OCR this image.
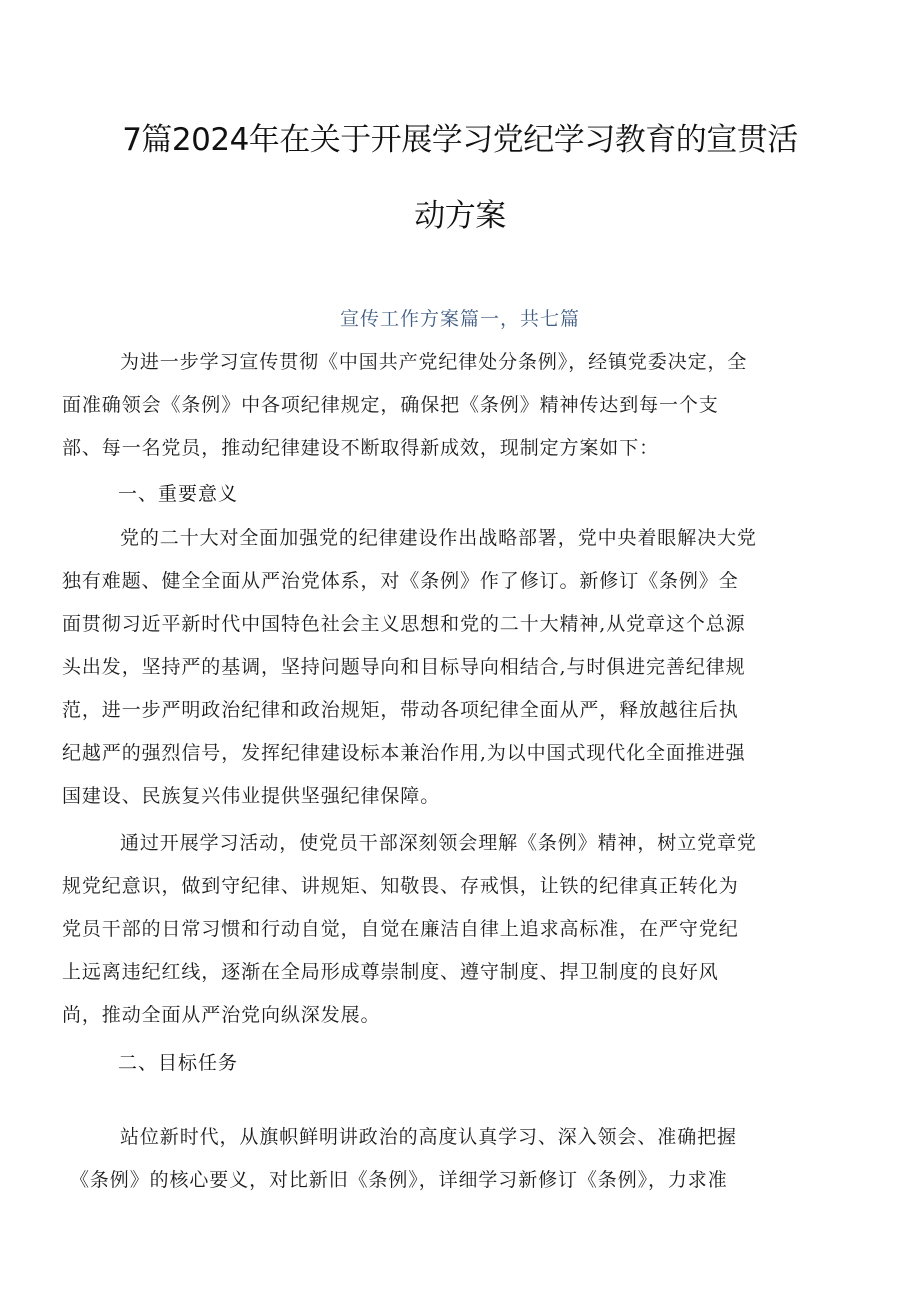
7篇2024年在关于开展学习党纪学习教育的宣贯活
动方案
宣传工作方案篇一，共七篇
为进一步学习宣传贯彻《中国共产党纪律处分条例》，经镇党委决定，全
面准确领会《条例》中各项纪律规定，确保把《条例》精神传达到每一个支
部、每一名党员，推动纪律建设不断取得新成效，现制定方案如下：
一、重要意义
党的二十大对全面加强党的纪律建设作出战略部署，党中央着眼解决大党
独有难题、健全全面从严治党体系，对《条例》作了修订。新修订《条例》全
面贯彻习近平新时代中国特色社会主义思想和党的二十大精神,从党章这个总源
头出发，坚持严的基调，坚持问题导向和目标导向相结合,与时俱进完善纪律规
范，进一步严明政治纪律和政治规矩，带动各项纪律全面从严，释放越往后执
纪越严的强烈信号，发挥纪律建设标本兼治作用,为以中国式现代化全面推进强
国建设、民族复兴伟业提供坚强纪律保障。
通过开展学习活动，使党员干部深刻领会理解《条例》精神，树立党章党
规党纪意识，做到守纪律、讲规矩、知敬畏、存戒惧，让铁的纪律真正转化为
党员干部的日常习惯和行动自觉，自觉在廉洁自律上追求高标准，在严守党纪
上远离违纪红线，逐渐在全局形成尊崇制度、遵守制度、捍卫制度的良好风
尚，推动全面从严治党向纵深发展。
二、目标任务
站位新时代，从旗帜鲜明讲政治的高度认真学习、深入领会、准确把握
《条例》的核心要义，对比新旧《条例》，详细学习新修订《条例》，力求准
